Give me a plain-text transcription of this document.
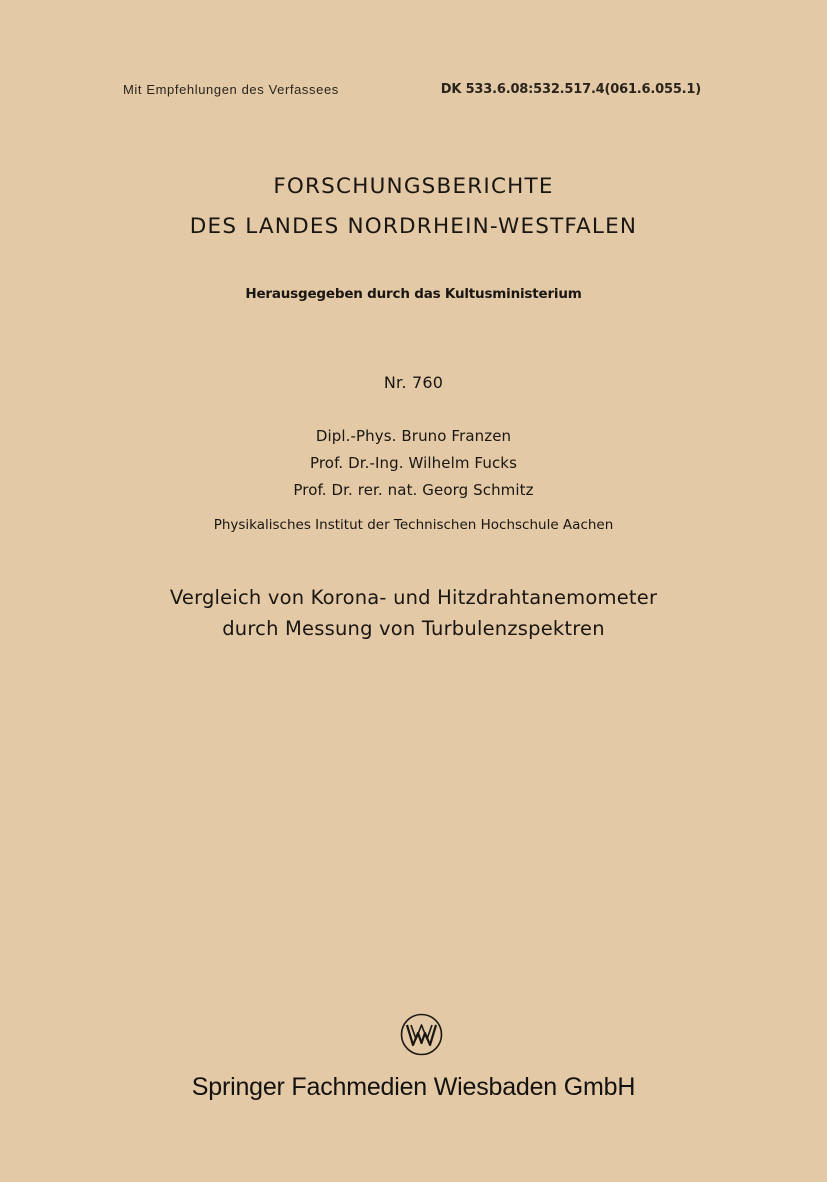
Mit Empfehlungen des Verfassees	DK 533.6.08:532.517.4(061.6.055.1)
FORSCHUNGSBERICHTE
DES LANDES NORDRHEIN-WESTFALEN
Herausgegeben durch das Kultusministerium
Nr. 760
Dipl.-Phys. Bruno Franzen
Prof. Dr.-Ing. Wilhelm Fucks
Prof. Dr. rer. nat. Georg Schmitz
Physikalisches Institut der Technischen Hochschule Aachen
Vergleich von Korona- und Hitzdrahtanemometer
durch Messung von Turbulenzspektren
Springer Fachmedien Wiesbaden GmbH
